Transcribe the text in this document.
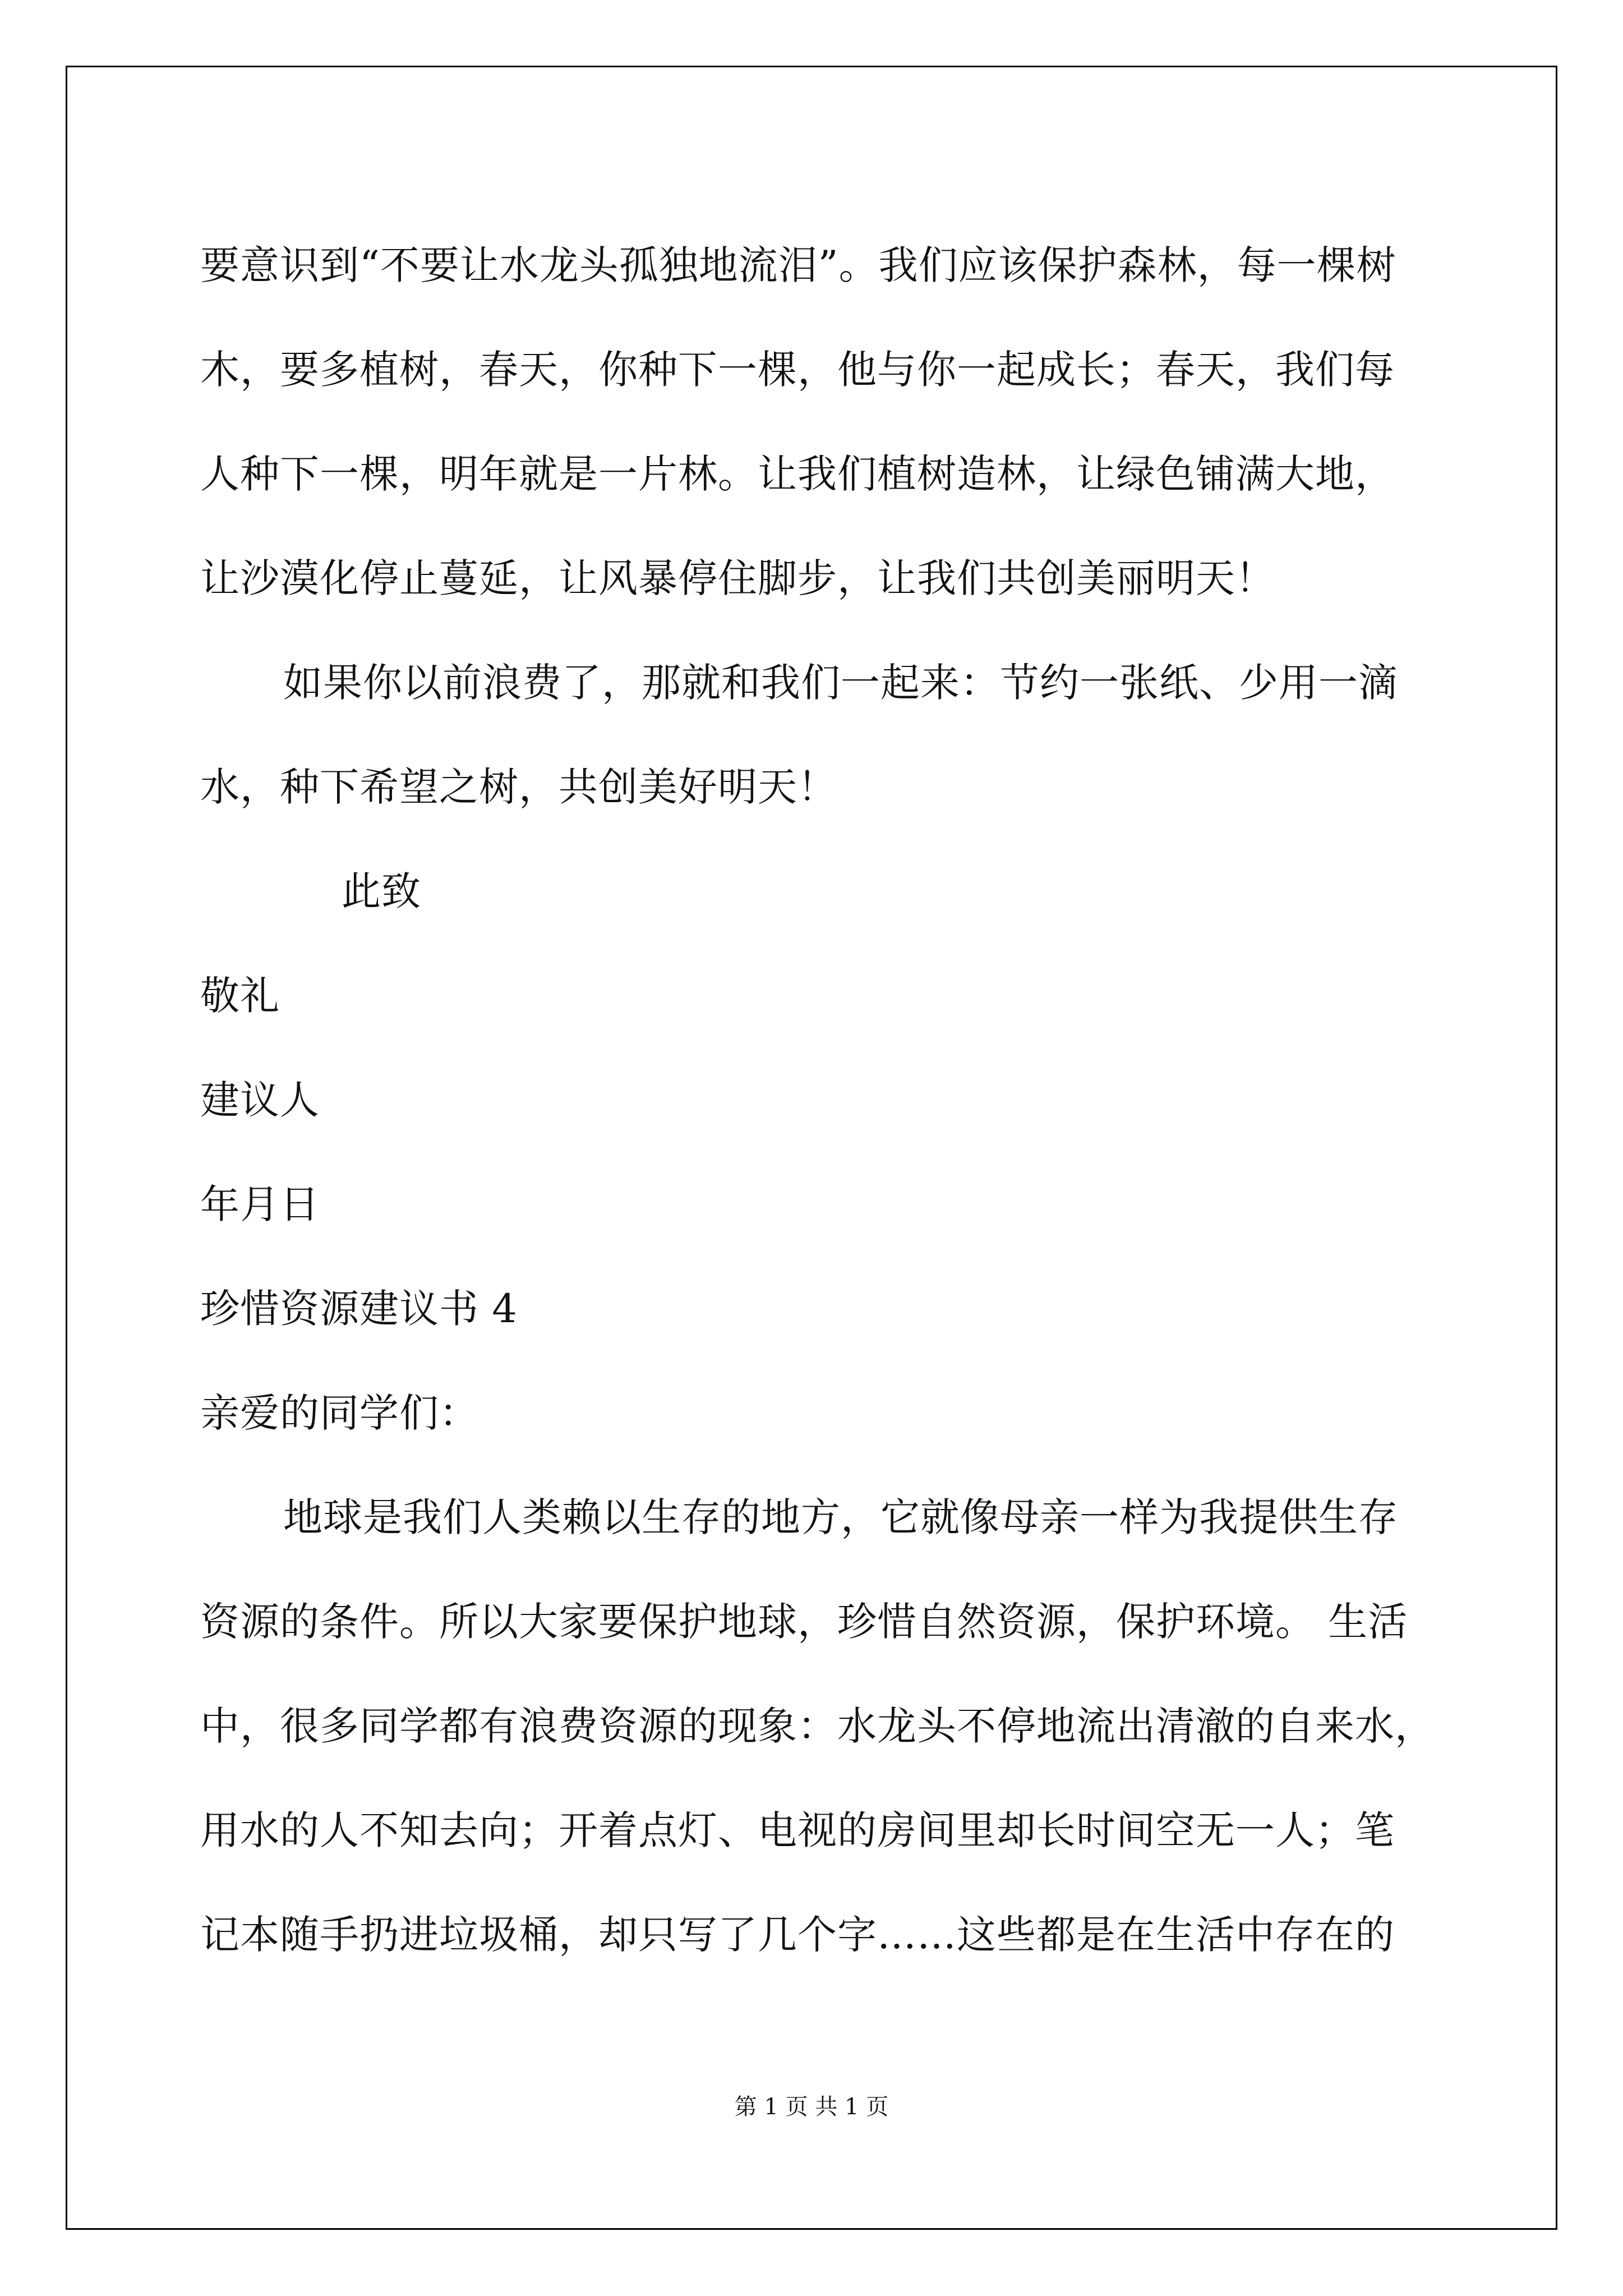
要意识到“不要让水龙头孤独地流泪”。我们应该保护森林，每一棵树
木，要多植树，春天，你种下一棵，他与你一起成长；春天，我们每
人种下一棵，明年就是一片林。让我们植树造林，让绿色铺满大地，
让沙漠化停止蔓延，让风暴停住脚步，让我们共创美丽明天！
如果你以前浪费了，那就和我们一起来：节约一张纸、少用一滴
水，种下希望之树，共创美好明天！
此致
敬礼
建议人
年月日
珍惜资源建议书 4
亲爱的同学们：
地球是我们人类赖以生存的地方，它就像母亲一样为我提供生存
资源的条件。所以大家要保护地球，珍惜自然资源，保护环境。 生活
中，很多同学都有浪费资源的现象：水龙头不停地流出清澈的自来水，
用水的人不知去向；开着点灯、电视的房间里却长时间空无一人；笔
记本随手扔进垃圾桶，却只写了几个字……这些都是在生活中存在的
第 1 页 共 1 页
